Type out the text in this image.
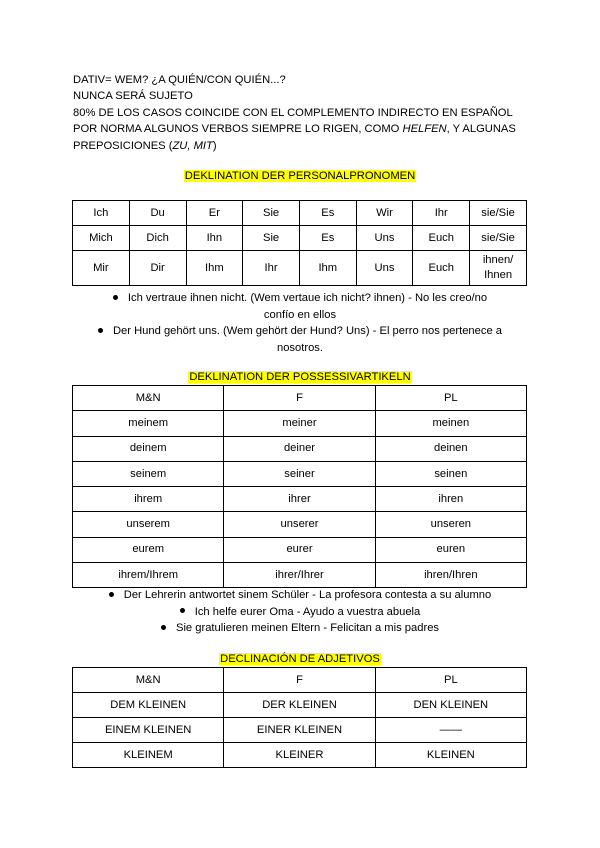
DATIV= WEM? ¿A QUIÉN/CON QUIÉN...?
NUNCA SERÁ SUJETO
80% DE LOS CASOS COINCIDE CON EL COMPLEMENTO INDIRECTO EN ESPAÑOL
POR NORMA ALGUNOS VERBOS SIEMPRE LO RIGEN, COMO HELFEN, Y ALGUNAS
PREPOSICIONES (ZU, MIT)
DEKLINATION DER PERSONALPRONOMEN
Ich	Du	Er	Sie	Es	Wir	Ihr	sie/Sie
Mich	Dich	Ihn	Sie	Es	Uns	Euch	sie/Sie
Mir	Dir	Ihm	Ihr	Ihm	Uns	Euch	ihnen/
Ihnen
Ich vertraue ihnen nicht. (Wem vertaue ich nicht? ihnen) - No les creo/no
confío en ellos
Der Hund gehört uns. (Wem gehört der Hund? Uns) - El perro nos pertenece a
nosotros.
DEKLINATION DER POSSESSIVARTIKELN
M&N	F	PL
meinem	meiner	meinen
deinem	deiner	deinen
seinem	seiner	seinen
ihrem	ihrer	ihren
unserem	unserer	unseren
eurem	eurer	euren
ihrem/Ihrem	ihrer/Ihrer	ihren/Ihren
Der Lehrerin antwortet sinem Schüler - La profesora contesta a su alumno
Ich helfe eurer Oma - Ayudo a vuestra abuela
Sie gratulieren meinen Eltern - Felicitan a mis padres
DECLINACIÓN DE ADJETIVOS
M&N	F	PL
DEM KLEINEN	DER KLEINEN	DEN KLEINEN
EINEM KLEINEN	EINER KLEINEN	——
KLEINEM	KLEINER	KLEINEN
